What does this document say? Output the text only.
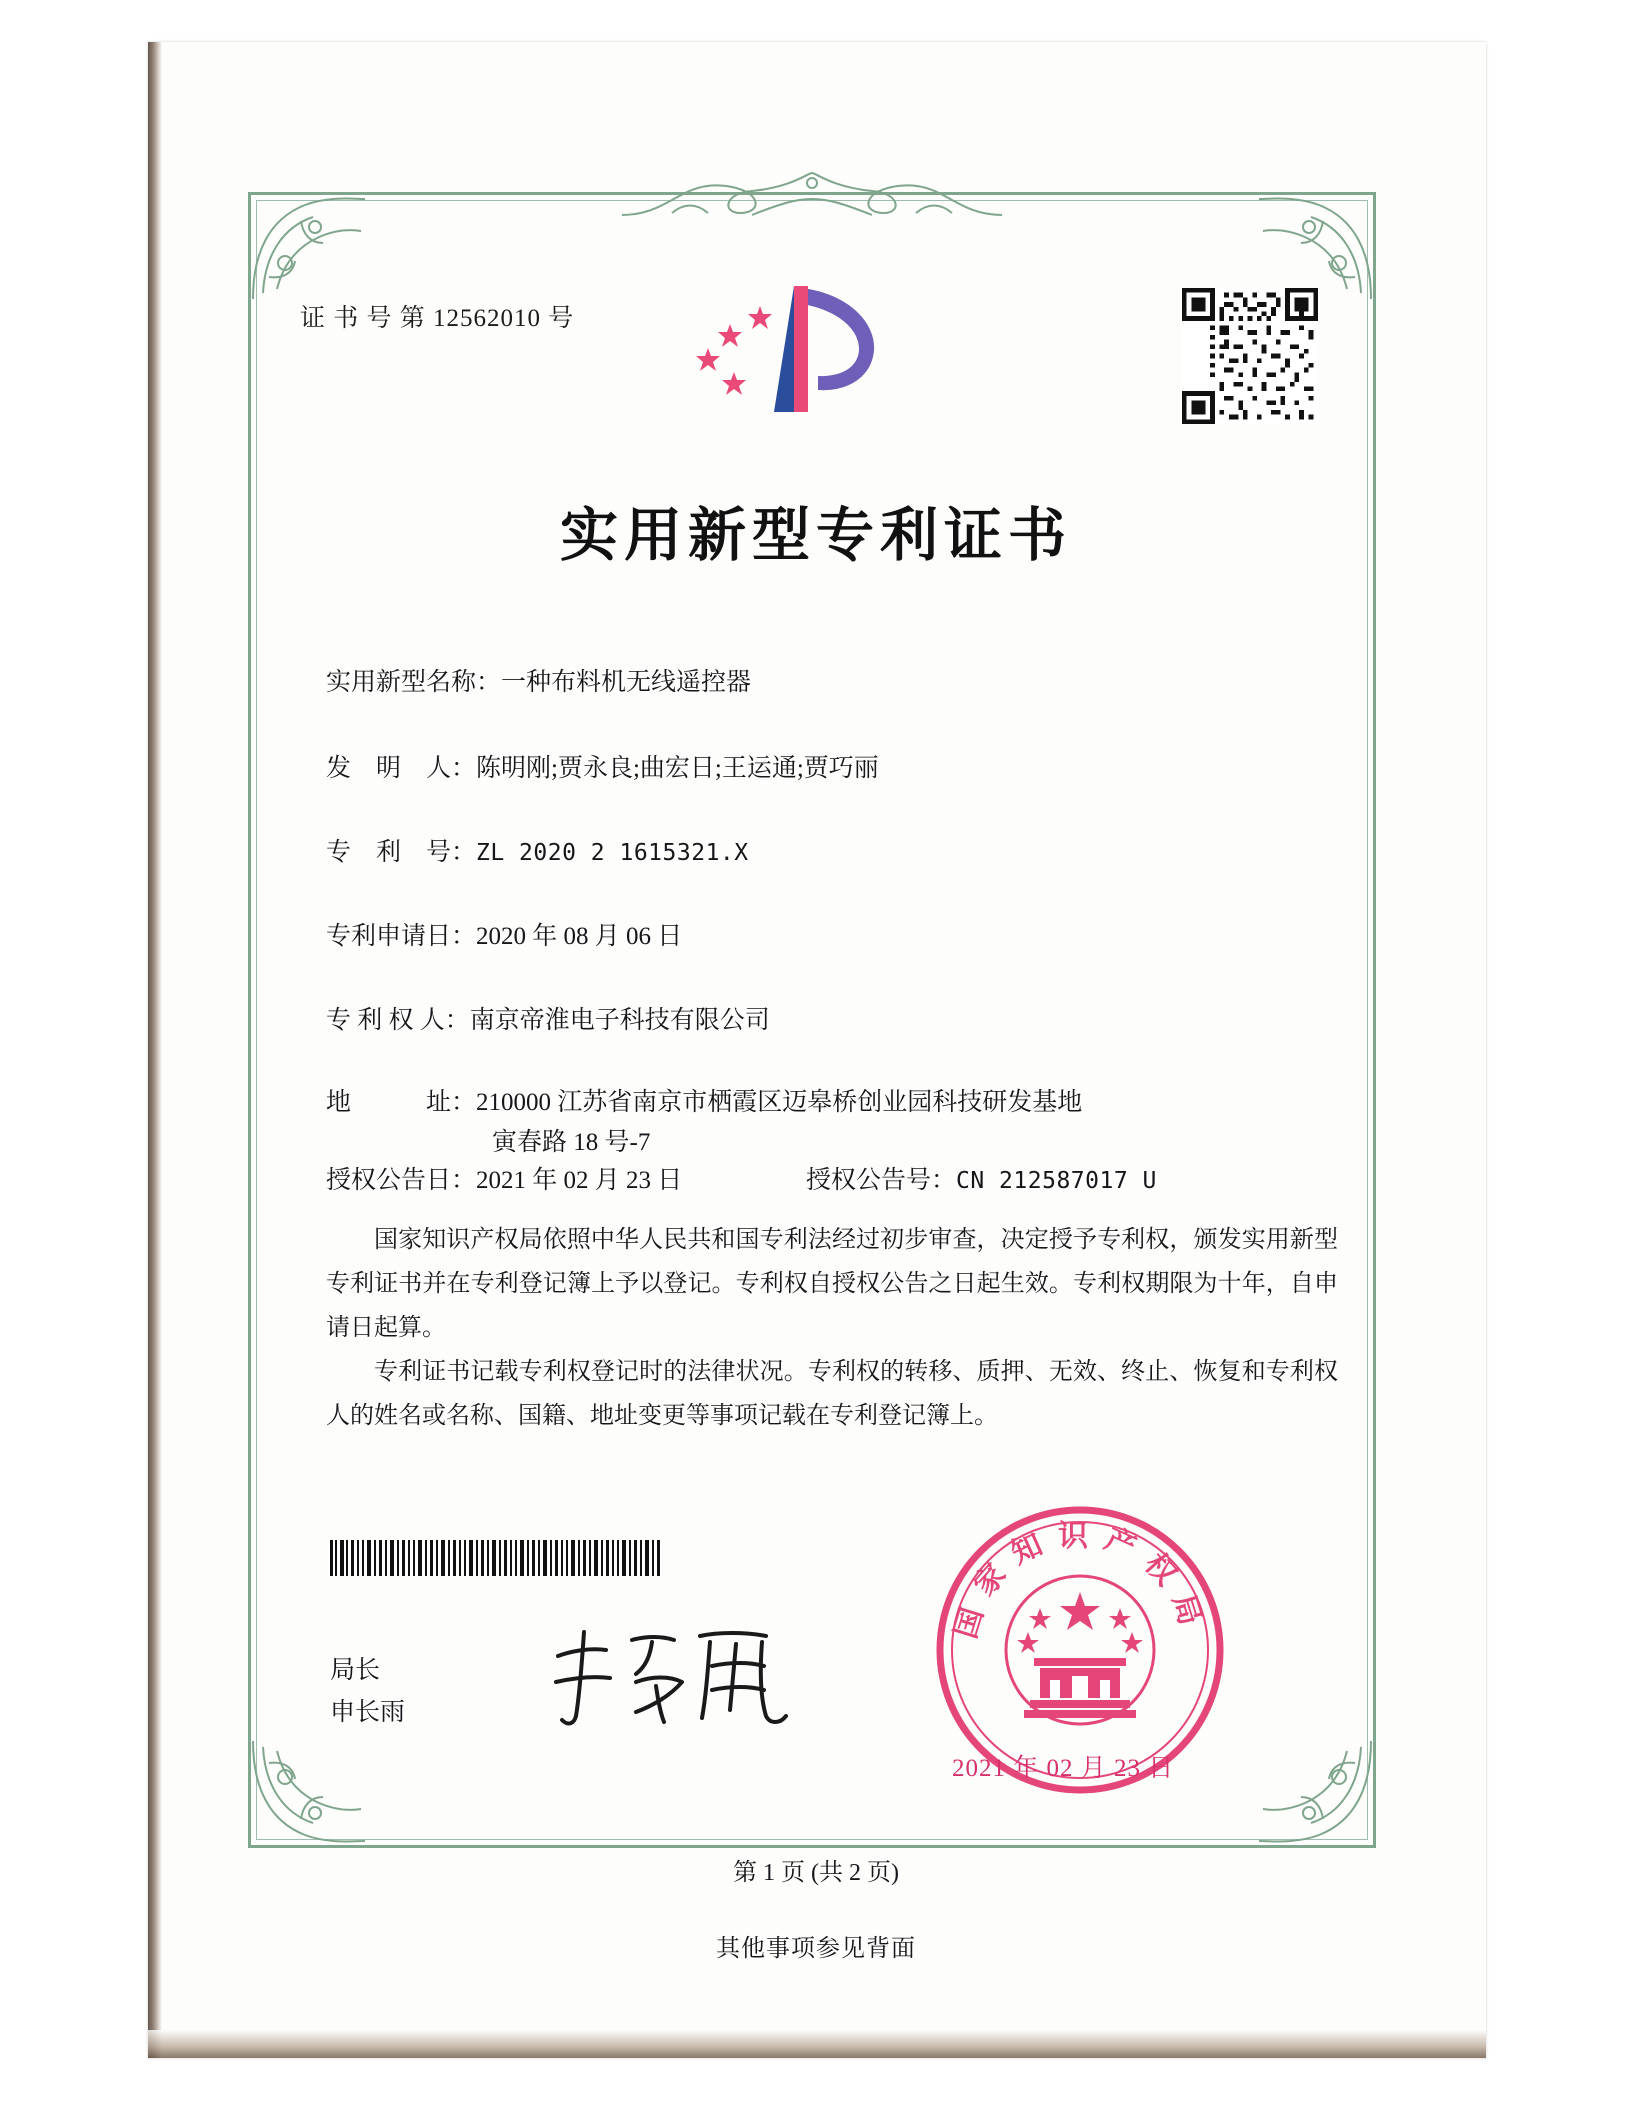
证 书 号 第 12562010 号
实用新型专利证书
实用新型名称：一种布料机无线遥控器
发　明　人：陈明刚;贾永良;曲宏日;王运通;贾巧丽
专　利　号：ZL 2020 2 1615321.X
专利申请日：2020 年 08 月 06 日
专 利 权 人：南京帝淮电子科技有限公司
地　　　址：210000 江苏省南京市栖霞区迈皋桥创业园科技研发基地
寅春路 18 号-7
授权公告日：2021 年 02 月 23 日	授权公告号：CN 212587017 U

国家知识产权局依照中华人民共和国专利法经过初步审查，决定授予专利权，颁发实用新型专利证书并在专利登记簿上予以登记。专利权自授权公告之日起生效。专利权期限为十年，自申请日起算。

专利证书记载专利权登记时的法律状况。专利权的转移、质押、无效、终止、恢复和专利权人的姓名或名称、国籍、地址变更等事项记载在专利登记簿上。

局长
申长雨
国家知识产权局
2021 年 02 月 23 日
第 1 页 (共 2 页)
其他事项参见背面
